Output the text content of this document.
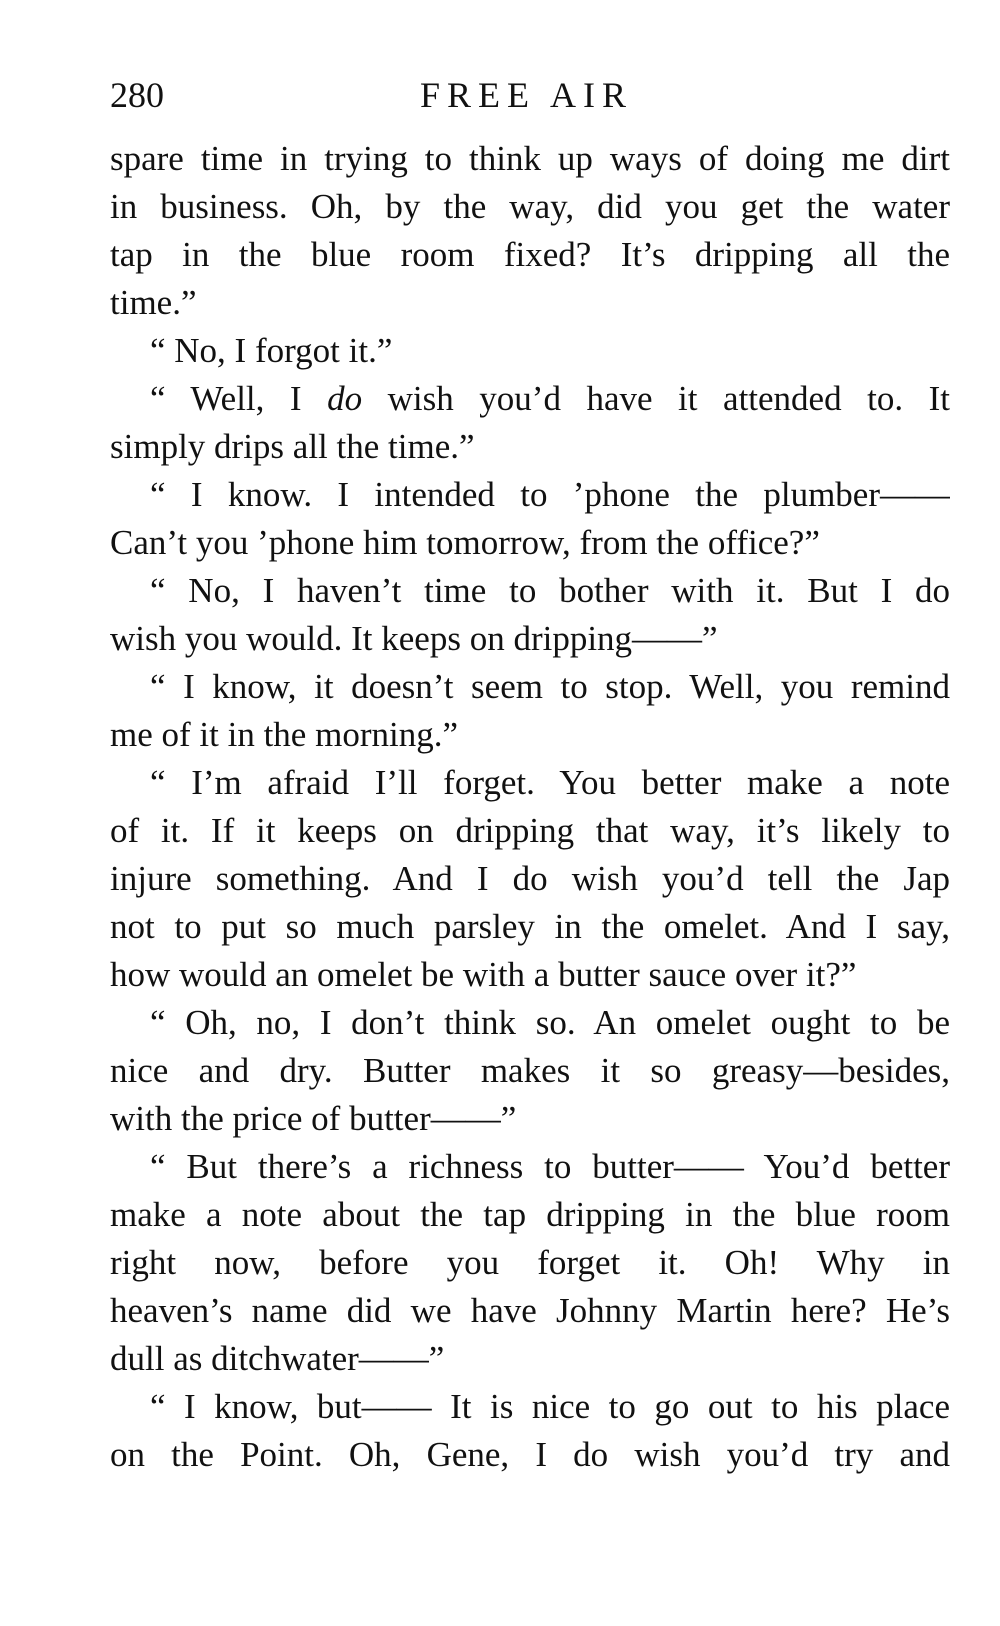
280	FREE AIR
spare time in trying to think up ways of doing me dirt
in business. Oh, by the way, did you get the water
tap in the blue room fixed? It’s dripping all the
time.”
“ No, I forgot it.”
“ Well, I do wish you’d have it attended to. It
simply drips all the time.”
“ I know. I intended to ’phone the plumber——
Can’t you ’phone him tomorrow, from the office?”
“ No, I haven’t time to bother with it. But I do
wish you would. It keeps on dripping——”
“ I know, it doesn’t seem to stop. Well, you remind
me of it in the morning.”
“ I’m afraid I’ll forget. You better make a note
of it. If it keeps on dripping that way, it’s likely to
injure something. And I do wish you’d tell the Jap
not to put so much parsley in the omelet. And I say,
how would an omelet be with a butter sauce over it?”
“ Oh, no, I don’t think so. An omelet ought to be
nice and dry. Butter makes it so greasy—besides,
with the price of butter——”
“ But there’s a richness to butter—— You’d better
make a note about the tap dripping in the blue room
right now, before you forget it. Oh! Why in
heaven’s name did we have Johnny Martin here? He’s
dull as ditchwater——”
“ I know, but—— It is nice to go out to his place
on the Point. Oh, Gene, I do wish you’d try and
